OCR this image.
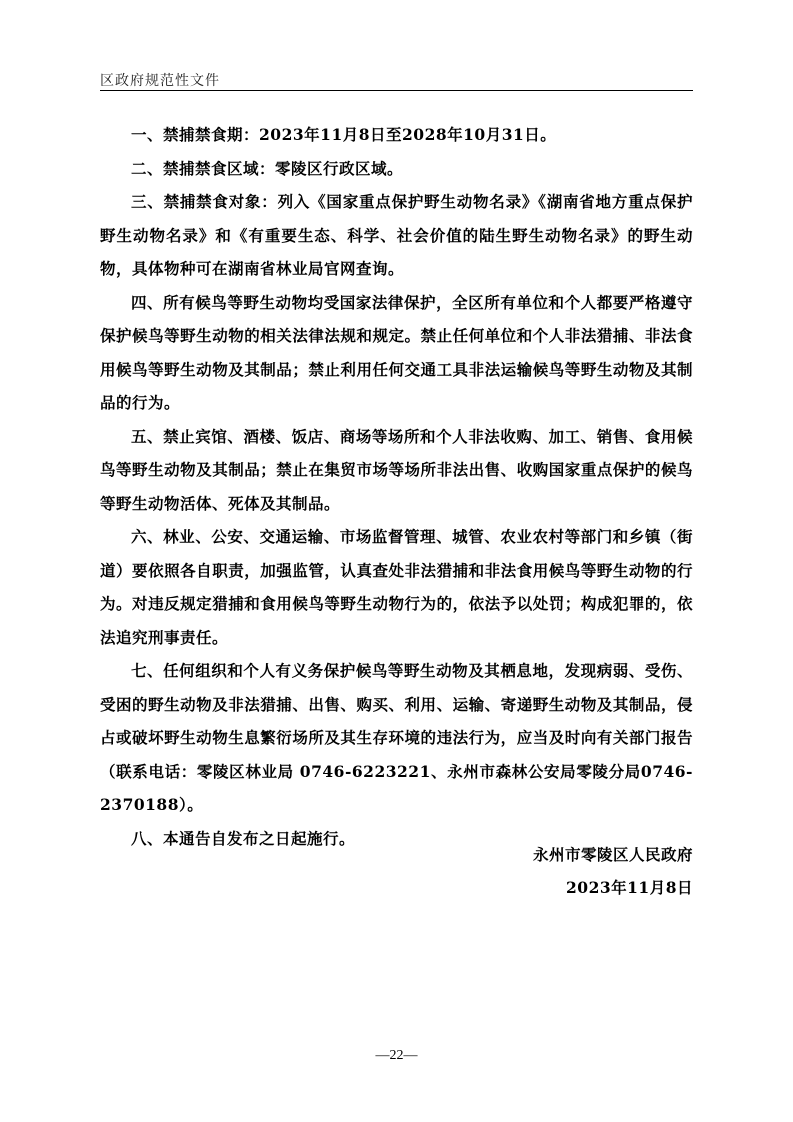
区政府规范性文件

一、禁捕禁食期：2023年11月8日至2028年10月31日。

二、禁捕禁食区域：零陵区行政区域。

三、禁捕禁食对象：列入《国家重点保护野生动物名录》《湖南省地方重点保护野生动物名录》和《有重要生态、科学、社会价值的陆生野生动物名录》的野生动物，具体物种可在湖南省林业局官网查询。

四、所有候鸟等野生动物均受国家法律保护，全区所有单位和个人都要严格遵守保护候鸟等野生动物的相关法律法规和规定。禁止任何单位和个人非法猎捕、非法食用候鸟等野生动物及其制品；禁止利用任何交通工具非法运输候鸟等野生动物及其制品的行为。

五、禁止宾馆、酒楼、饭店、商场等场所和个人非法收购、加工、销售、食用候鸟等野生动物及其制品；禁止在集贸市场等场所非法出售、收购国家重点保护的候鸟等野生动物活体、死体及其制品。

六、林业、公安、交通运输、市场监督管理、城管、农业农村等部门和乡镇（街道）要依照各自职责，加强监管，认真查处非法猎捕和非法食用候鸟等野生动物的行为。对违反规定猎捕和食用候鸟等野生动物行为的，依法予以处罚；构成犯罪的，依法追究刑事责任。

七、任何组织和个人有义务保护候鸟等野生动物及其栖息地，发现病弱、受伤、受困的野生动物及非法猎捕、出售、购买、利用、运输、寄递野生动物及其制品，侵占或破坏野生动物生息繁衍场所及其生存环境的违法行为，应当及时向有关部门报告（联系电话：零陵区林业局 0746-6223221、永州市森林公安局零陵分局0746-2370188）。

八、本通告自发布之日起施行。

永州市零陵区人民政府
2023年11月8日
—22—
